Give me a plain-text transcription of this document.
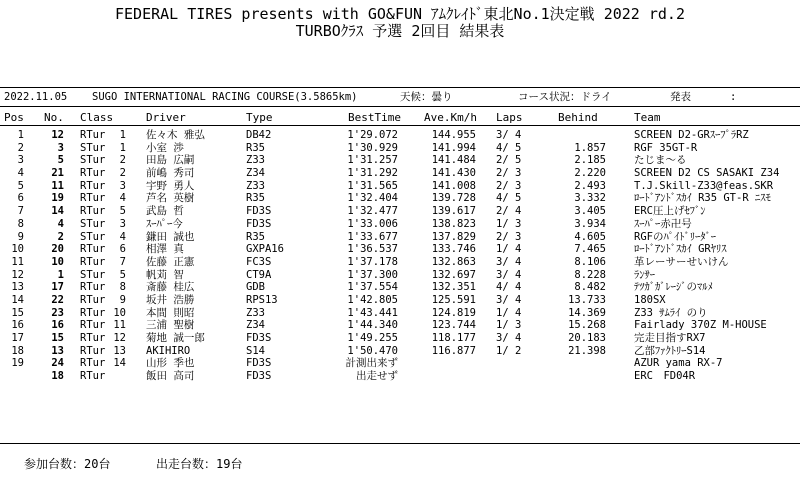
FEDERAL TIRES presents with GO&FUN ｱﾑｸﾚｲﾄﾞ東北No.1決定戦 2022 rd.2
TURBOｸﾗｽ 予選 2回目 結果表
2022.11.05 SUGO INTERNATIONAL RACING COURSE(3.5865km)	天候：曇り	コース状況：ドライ	発表	:
Pos No. Class	Driver	Type	BestTime Ave.Km/h Laps	Behind	Team
1	12 RTur	1 佐々木 雅弘	DB42	1'29.072	144.955 3/ 4	SCREEN D2-GRｽｰﾌﾟﾗRZ
2	3 STur	1 小室 渉	R35	1'30.929	141.994 4/ 5	1.857	RGF 35GT-R
3	5 STur	2 田島 広嗣	Z33	1'31.257	141.484 2/ 5	2.185	たじま～る
4	21 RTur	2 前嶋 秀司	Z34	1'31.292	141.430 2/ 3	2.220	SCREEN D2 CS SASAKI Z34
5	11 RTur	3 宇野 勇人	Z33	1'31.565	141.008 2/ 3	2.493	T.J.Skill-Z33@feas.SKR
6	19 RTur	4 芦名 英樹	R35	1'32.404	139.728 4/ 5	3.332	ﾛｰﾄﾞｱﾝﾄﾞｽｶｲ R35 GT-R ﾆｽﾓ
7	14 RTur	5 武島 哲	FD3S	1'32.477	139.617 2/ 4	3.405	ERC圧上げｾﾌﾞﾝ
8	4 STur	3 ｽｰﾊﾟｰ今	FD3S	1'33.006	138.823 1/ 3	3.934	ｽｰﾊﾟｰ赤卍号
9	2 STur	4 鎌田 誠也	R35	1'33.677	137.829 2/ 3	4.605	RGFのﾊﾟｲﾄﾞﾘｰﾀﾞｰ
10	20 RTur	6 相澤 真	GXPA16	1'36.537	133.746 1/ 4	7.465	ﾛｰﾄﾞｱﾝﾄﾞｽｶｲ GRﾔﾘｽ
11	10 RTur	7 佐藤 正憲	FC3S	1'37.178	132.863 3/ 4	8.106	革レーサーせいけん
12	1 STur	5 帆苅 智	CT9A	1'37.300	132.697 3/ 4	8.228	ﾗﾝｻｰ
13	17 RTur	8 斎藤 桂広	GDB	1'37.554	132.351 4/ 4	8.482	ﾃﾂｶﾞｶﾞﾚｰｼﾞのﾏﾙﾒ
14	22 RTur	9 坂井 浩勝	RPS13	1'42.805	125.591 3/ 4	13.733	180SX
15	23 RTur 10 本間 則昭	Z33	1'43.441	124.819 1/ 4	14.369	Z33 ｻﾑﾗｲ のり
16	16 RTur 11 三浦 聖樹	Z34	1'44.340	123.744 1/ 3	15.268	Fairlady 370Z M-HOUSE
17	15 RTur 12 菊地 誠一郎	FD3S	1'49.255	118.177 3/ 4	20.183	完走目指すRX7
18	13 RTur 13 AKIHIRO	S14	1'50.470	116.877 1/ 2	21.398	乙部ﾌｧｸﾄﾘｰS14
19	24 RTur 14 山形 季也	FD3S	計測出来ず	AZUR yama RX-7
18 RTur	飯田 高司	FD3S	出走せず	ERC　FD04R
参加台数：20台	出走台数：19台
